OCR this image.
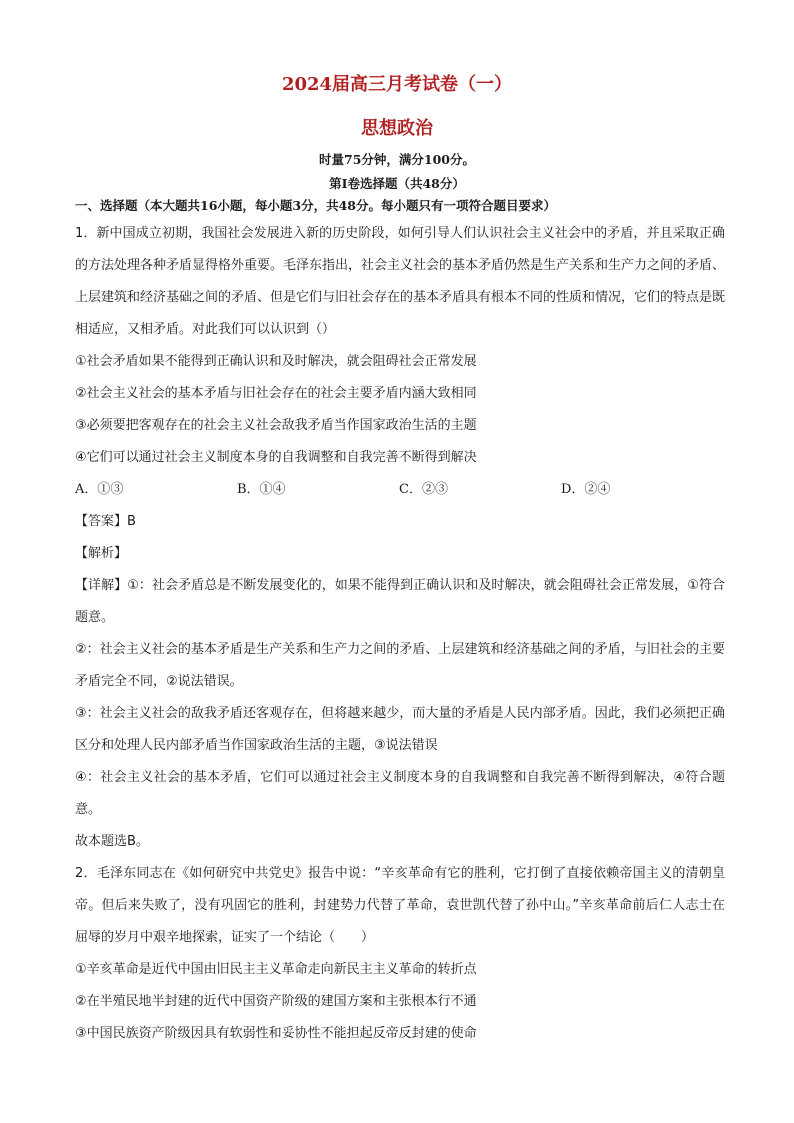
2024届高三月考试卷（一）
思想政治
时量75分钟，满分100分。
第Ⅰ卷选择题（共48分）
一、选择题（本大题共16小题，每小题3分，共48分。每小题只有一项符合题目要求）

1．新中国成立初期，我国社会发展进入新的历史阶段，如何引导人们认识社会主义社会中的矛盾，并且采取正确的方法处理各种矛盾显得格外重要。毛泽东指出，社会主义社会的基本矛盾仍然是生产关系和生产力之间的矛盾、上层建筑和经济基础之间的矛盾、但是它们与旧社会存在的基本矛盾具有根本不同的性质和情况，它们的特点是既相适应，又相矛盾。对此我们可以认识到（）

①社会矛盾如果不能得到正确认识和及时解决，就会阻碍社会正常发展

②社会主义社会的基本矛盾与旧社会存在的社会主要矛盾内涵大致相同

③必须要把客观存在的社会主义社会敌我矛盾当作国家政治生活的主题

④它们可以通过社会主义制度本身的自我调整和自我完善不断得到解决

A．①③	B．①④	C．②③	D．②④

【答案】B

【解析】

【详解】①：社会矛盾总是不断发展变化的，如果不能得到正确认识和及时解决，就会阻碍社会正常发展，①符合题意。

②：社会主义社会的基本矛盾是生产关系和生产力之间的矛盾、上层建筑和经济基础之间的矛盾，与旧社会的主要矛盾完全不同，②说法错误。

③：社会主义社会的敌我矛盾还客观存在，但将越来越少，而大量的矛盾是人民内部矛盾。因此，我们必须把正确区分和处理人民内部矛盾当作国家政治生活的主题，③说法错误

④：社会主义社会的基本矛盾，它们可以通过社会主义制度本身的自我调整和自我完善不断得到解决，④符合题意。

故本题选B。

2．毛泽东同志在《如何研究中共党史》报告中说：“辛亥革命有它的胜利，它打倒了直接依赖帝国主义的清朝皇帝。但后来失败了，没有巩固它的胜利，封建势力代替了革命，袁世凯代替了孙中山。”辛亥革命前后仁人志士在屈辱的岁月中艰辛地探索，证实了一个结论（　　）

①辛亥革命是近代中国由旧民主主义革命走向新民主主义革命的转折点

②在半殖民地半封建的近代中国资产阶级的建国方案和主张根本行不通

③中国民族资产阶级因具有软弱性和妥协性不能担起反帝反封建的使命
